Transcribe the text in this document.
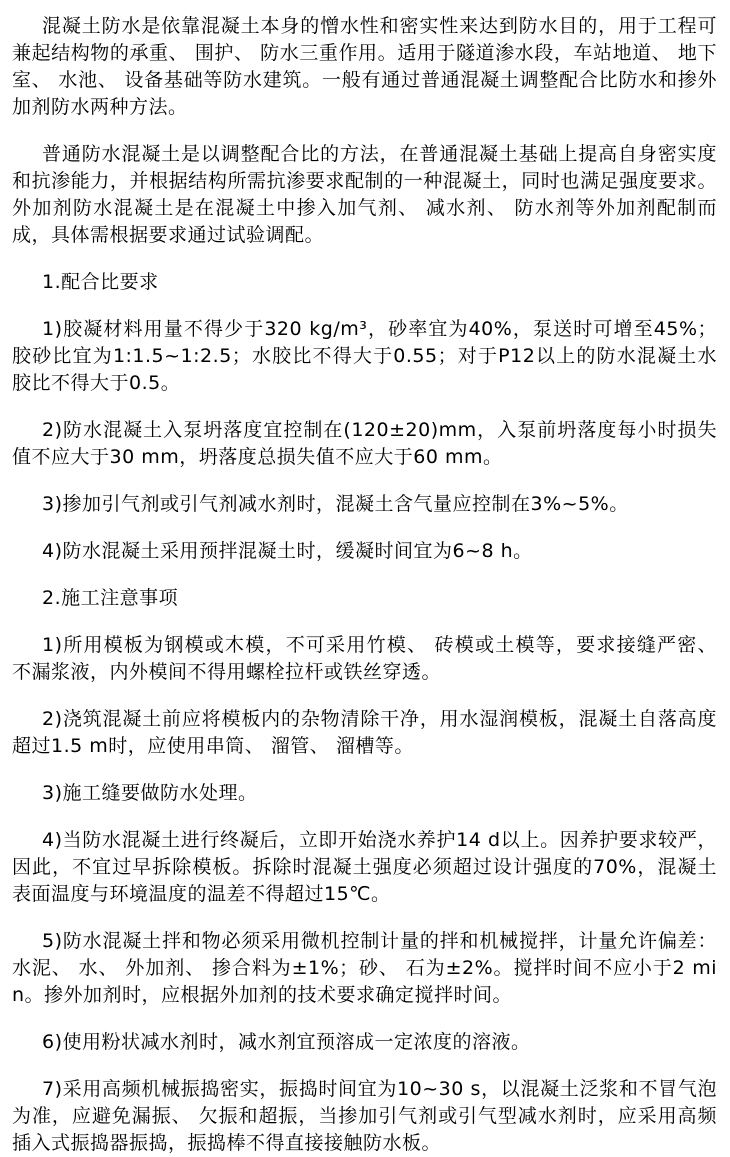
混凝土防水是依靠混凝土本身的憎水性和密实性来达到防水目的，用于工程可兼起结构物的承重、 围护、 防水三重作用。适用于隧道渗水段，车站地道、 地下室、 水池、 设备基础等防水建筑。一般有通过普通混凝土调整配合比防水和掺外加剂防水两种方法。

普通防水混凝土是以调整配合比的方法，在普通混凝土基础上提高自身密实度和抗渗能力，并根据结构所需抗渗要求配制的一种混凝土，同时也满足强度要求。外加剂防水混凝土是在混凝土中掺入加气剂、 减水剂、 防水剂等外加剂配制而成，具体需根据要求通过试验调配。

1.配合比要求

1)胶凝材料用量不得少于320 kg/m³，砂率宜为40%，泵送时可增至45%；胶砂比宜为1:1.5~1:2.5；水胶比不得大于0.55；对于P12以上的防水混凝土水胶比不得大于0.5。

2)防水混凝土入泵坍落度宜控制在(120±20)mm，入泵前坍落度每小时损失值不应大于30 mm，坍落度总损失值不应大于60 mm。

3)掺加引气剂或引气剂减水剂时，混凝土含气量应控制在3%~5%。

4)防水混凝土采用预拌混凝土时，缓凝时间宜为6~8 h。

2.施工注意事项

1)所用模板为钢模或木模，不可采用竹模、 砖模或土模等，要求接缝严密、 不漏浆液，内外模间不得用螺栓拉杆或铁丝穿透。

2)浇筑混凝土前应将模板内的杂物清除干净，用水湿润模板，混凝土自落高度超过1.5 m时，应使用串筒、 溜管、 溜槽等。

3)施工缝要做防水处理。

4)当防水混凝土进行终凝后，立即开始浇水养护14 d以上。因养护要求较严，因此，不宜过早拆除模板。拆除时混凝土强度必须超过设计强度的70%，混凝土表面温度与环境温度的温差不得超过15℃。

5)防水混凝土拌和物必须采用微机控制计量的拌和机械搅拌，计量允许偏差：水泥、 水、 外加剂、 掺合料为±1%；砂、 石为±2%。搅拌时间不应小于2 min。掺外加剂时，应根据外加剂的技术要求确定搅拌时间。

6)使用粉状减水剂时，减水剂宜预溶成一定浓度的溶液。

7)采用高频机械振捣密实，振捣时间宜为10~30 s，以混凝土泛浆和不冒气泡为准，应避免漏振、 欠振和超振，当掺加引气剂或引气型减水剂时，应采用高频插入式振捣器振捣，振捣棒不得直接接触防水板。
